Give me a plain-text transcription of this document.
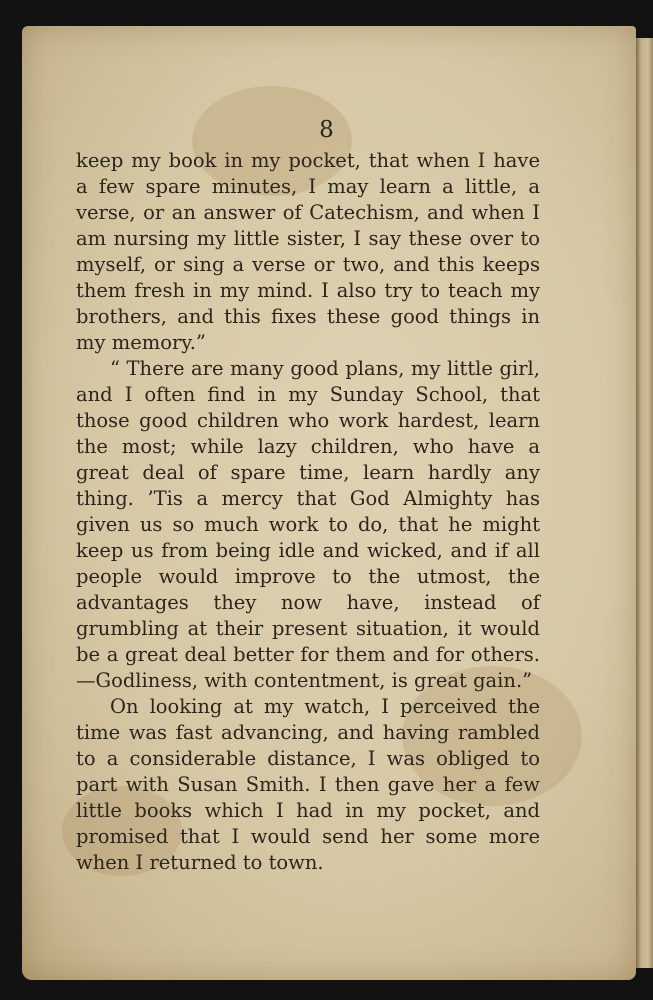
8

keep my book in my pocket, that when I have a few spare minutes, I may learn a little, a verse, or an answer of Catechism, and when I am nursing my little sister, I say these over to myself, or sing a verse or two, and this keeps them fresh in my mind. I also try to teach my brothers, and this fixes these good things in my memory.”

“ There are many good plans, my little girl, and I often find in my Sunday School, that those good children who work hardest, learn the most; while lazy children, who have a great deal of spare time, learn hardly any thing. ’Tis a mercy that God Almighty has given us so much work to do, that he might keep us from being idle and wicked, and if all people would improve to the utmost, the advantages they now have, instead of grumbling at their present situation, it would be a great deal better for them and for others.—Godliness, with contentment, is great gain.”

On looking at my watch, I perceived the time was fast advancing, and having rambled to a considerable distance, I was obliged to part with Susan Smith. I then gave her a few little books which I had in my pocket, and promised that I would send her some more when I returned to town.
